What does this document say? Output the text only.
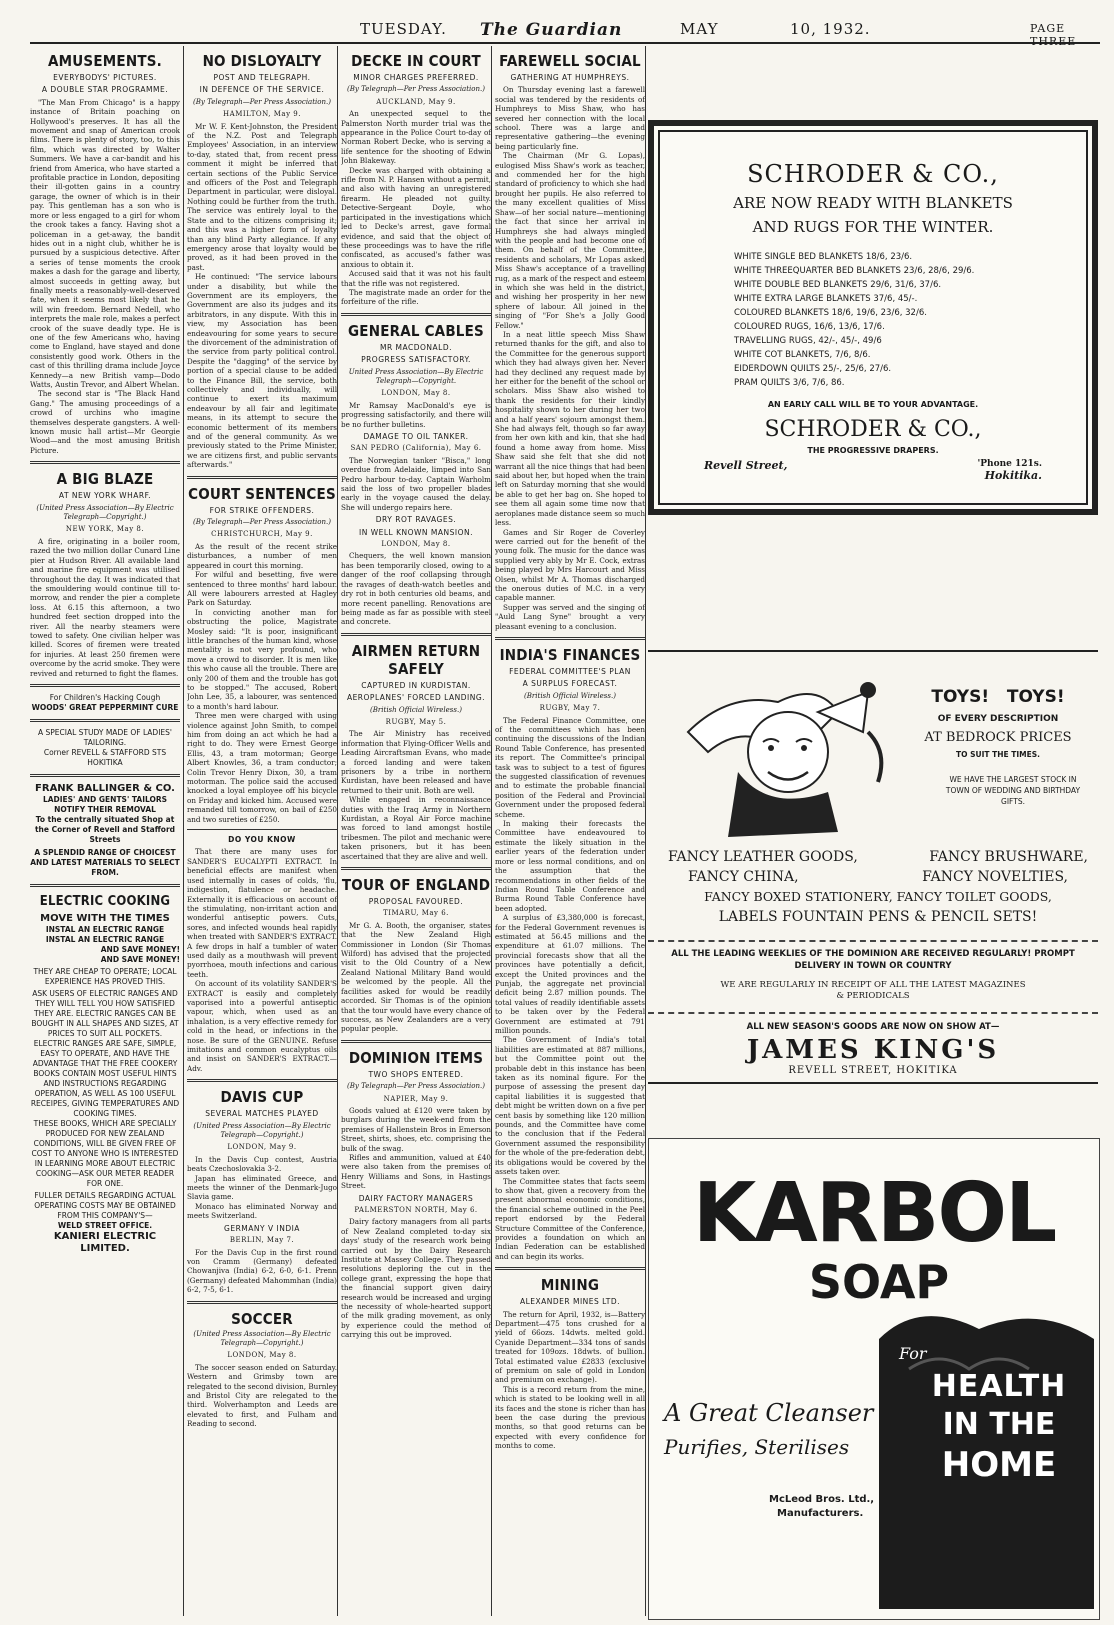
TUESDAY. The Guardian	MAY	10, 1932.	PAGE THREE
AMUSEMENTS.
EVERYBODYS' PICTURES.
A DOUBLE STAR PROGRAMME.

"The Man From Chicago" is a happy instance of Britain poaching on Hollywood's preserves. It has all the movement and snap of American crook films. There is plenty of story, too, to this film, which was directed by Walter Summers. We have a car-bandit and his friend from America, who have started a profitable practice in London, depositing their ill-gotten gains in a country garage, the owner of which is in their pay. This gentleman has a son who is more or less engaged to a girl for whom the crook takes a fancy. Having shot a policeman in a get-away, the bandit hides out in a night club, whither he is pursued by a suspicious detective. After a series of tense moments the crook makes a dash for the garage and liberty, almost succeeds in getting away, but finally meets a reasonably-well-deserved fate, when it seems most likely that he will win freedom. Bernard Nedell, who interprets the male role, makes a perfect crook of the suave deadly type. He is one of the few Americans who, having come to England, have stayed and done consistently good work. Others in the cast of this thrilling drama include Joyce Kennedy—a new British vamp—Dodo Watts, Austin Trevor, and Albert Whelan.

The second star is "The Black Hand Gang." The amusing proceedings of a crowd of urchins who imagine themselves desperate gangsters. A well-known music hall artist—Mr Georgie Wood—and the most amusing British Picture.

A BIG BLAZE
AT NEW YORK WHARF.
(United Press Association—By Electric Telegraph—Copyright.)
NEW YORK, May 8.

A fire, originating in a boiler room, razed the two million dollar Cunard Line pier at Hudson River. All available land and marine fire equipment was utilised throughout the day. It was indicated that the smouldering would continue till to-morrow, and render the pier a complete loss. At 6.15 this afternoon, a two hundred feet section dropped into the river. All the nearby steamers were towed to safety. One civilian helper was killed. Scores of firemen were treated for injuries. At least 250 firemen were overcome by the acrid smoke. They were revived and returned to fight the flames.

For Children's Hacking Cough
WOODS' GREAT PEPPERMINT CURE
A SPECIAL STUDY MADE OF LADIES' TAILORING.
Corner REVELL & STAFFORD STS HOKITIKA
FRANK BALLINGER & CO.
LADIES' AND GENTS' TAILORS
NOTIFY THEIR REMOVAL
To the centrally situated Shop at the Corner of Revell and Stafford Streets
A SPLENDID RANGE OF CHOICEST AND LATEST MATERIALS TO SELECT FROM.
ELECTRIC COOKING
MOVE WITH THE TIMES
INSTAL AN ELECTRIC RANGE
INSTAL AN ELECTRIC RANGE
AND SAVE MONEY!
AND SAVE MONEY!
THEY ARE CHEAP TO OPERATE; LOCAL EXPERIENCE HAS PROVED THIS.
ASK USERS OF ELECTRIC RANGES AND THEY WILL TELL YOU HOW SATISFIED THEY ARE. ELECTRIC RANGES CAN BE BOUGHT IN ALL SHAPES AND SIZES, AT PRICES TO SUIT ALL POCKETS.
ELECTRIC RANGES ARE SAFE, SIMPLE, EASY TO OPERATE, AND HAVE THE ADVANTAGE THAT THE FREE COOKERY BOOKS CONTAIN MOST USEFUL HINTS AND INSTRUCTIONS REGARDING OPERATION, AS WELL AS 100 USEFUL RECEIPES, GIVING TEMPERATURES AND COOKING TIMES.
THESE BOOKS, WHICH ARE SPECIALLY PRODUCED FOR NEW ZEALAND CONDITIONS, WILL BE GIVEN FREE OF COST TO ANYONE WHO IS INTERESTED IN LEARNING MORE ABOUT ELECTRIC COOKING—ASK OUR METER READER FOR ONE.
FULLER DETAILS REGARDING ACTUAL OPERATING COSTS MAY BE OBTAINED FROM THIS COMPANY'S—
WELD STREET OFFICE.
KANIERI ELECTRIC LIMITED.
NO DISLOYALTY
POST AND TELEGRAPH.
IN DEFENCE OF THE SERVICE.
(By Telegraph—Per Press Association.)
HAMILTON, May 9.

Mr W. F. Kent-Johnston, the President of the N.Z. Post and Telegraph Employees' Association, in an interview to-day, stated that, from recent press comment it might be inferred that certain sections of the Public Service and officers of the Post and Telegraph Department in particular, were disloyal. Nothing could be further from the truth. The service was entirely loyal to the State and to the citizens comprising it; and this was a higher form of loyalty than any blind Party allegiance. If any emergency arose that loyalty would be proved, as it had been proved in the past.

He continued: "The service labours under a disability, but while the Government are its employers, the Government are also its judges and its arbitrators, in any dispute. With this in view, my Association has been endeavouring for some years to secure the divorcement of the administration of the service from party political control. Despite the "dagging" of the service by portion of a special clause to be added to the Finance Bill, the service, both collectively and individually, will continue to exert its maximum endeavour by all fair and legitimate means, in its attempt to secure the economic betterment of its members and of the general community. As we previously stated to the Prime Minister, we are citizens first, and public servants afterwards."

COURT SENTENCES
FOR STRIKE OFFENDERS.
(By Telegraph—Per Press Association.)
CHRISTCHURCH, May 9.

As the result of the recent strike disturbances, a number of men appeared in court this morning.

For wilful and besetting, five were sentenced to three months' hard labour. All were labourers arrested at Hagley Park on Saturday.

In convicting another man for obstructing the police, Magistrate Mosley said: "It is poor, insignificant little branches of the human kind, whose mentality is not very profound, who move a crowd to disorder. It is men like this who cause all the trouble. There are only 200 of them and the trouble has got to be stopped." The accused, Robert John Lee, 35, a labourer, was sentenced to a month's hard labour.

Three men were charged with using violence against John Smith, to compel him from doing an act which he had a right to do. They were Ernest George Ellis, 43, a tram motorman; George Albert Knowles, 36, a tram conductor; Colin Trevor Henry Dixon, 30, a tram motorman. The police said the accused knocked a loyal employee off his bicycle on Friday and kicked him. Accused were remanded till tomorrow, on bail of £250 and two sureties of £250.

DO YOU KNOW

That there are many uses for SANDER'S EUCALYPTI EXTRACT. In beneficial effects are manifest when used internally in cases of colds, 'flu, indigestion, flatulence or headache. Externally it is efficacious on account of the stimulating, non-irritant action and wonderful antiseptic powers. Cuts, sores, and infected wounds heal rapidly when treated with SANDER'S EXTRACT. A few drops in half a tumbler of water used daily as a mouthwash will prevent pyorrhoea, mouth infections and carious teeth.

On account of its volatility SANDER'S EXTRACT is easily and completely vaporised into a powerful antiseptic vapour, which, when used as an inhalation, is a very effective remedy for cold in the head, or infections in the nose. Be sure of the GENUINE. Refuse imitations and common eucalyptus oils and insist on SANDER'S EXTRACT.—Adv.

DAVIS CUP
SEVERAL MATCHES PLAYED
(United Press Association—By Electric Telegraph—Copyright.)
LONDON, May 9.

In the Davis Cup contest, Austria beats Czechoslovakia 3-2.

Japan has eliminated Greece, and meets the winner of the Denmark-Jugo Slavia game.

Monaco has eliminated Norway and meets Switzerland.

GERMANY V INDIA
BERLIN, May 7.

For the Davis Cup in the first round von Cramm (Germany) defeated Chowanjiva (India) 6-2, 6-0, 6-1. Prenn (Germany) defeated Mahommhan (India) 6-2, 7-5, 6-1.

SOCCER
(United Press Association—By Electric Telegraph—Copyright.)
LONDON, May 8.

The soccer season ended on Saturday. Western and Grimsby town are relegated to the second division, Burnley and Bristol City are relegated to the third. Wolverhampton and Leeds are elevated to first, and Fulham and Reading to second.

DECKE IN COURT
MINOR CHARGES PREFERRED.
(By Telegraph—Per Press Association.)
AUCKLAND, May 9.

An unexpected sequel to the Palmerston North murder trial was the appearance in the Police Court to-day of Norman Robert Decke, who is serving a life sentence for the shooting of Edwin John Blakeway.

Decke was charged with obtaining a rifle from N. P. Hansen without a permit, and also with having an unregistered firearm. He pleaded not guilty. Detective-Sergeant Doyle, who participated in the investigations which led to Decke's arrest, gave formal evidence, and said that the object of these proceedings was to have the rifle confiscated, as accused's father was anxious to obtain it.

Accused said that it was not his fault that the rifle was not registered.

The magistrate made an order for the forfeiture of the rifle.

GENERAL CABLES
MR MACDONALD.
PROGRESS SATISFACTORY.
United Press Association—By Electric Telegraph—Copyright.
LONDON, May 8.

Mr Ramsay MacDonald's eye is progressing satisfactorily, and there will be no further bulletins.

DAMAGE TO OIL TANKER.
SAN PEDRO (California), May 6.

The Norwegian tanker "Bisca," long overdue from Adelaide, limped into San Pedro harbour to-day. Captain Warholm said the loss of two propeller blades early in the voyage caused the delay. She will undergo repairs here.

DRY ROT RAVAGES.
IN WELL KNOWN MANSION.
LONDON, May 8.

Chequers, the well known mansion has been temporarily closed, owing to a danger of the roof collapsing through the ravages of death-watch beetles and dry rot in both centuries old beams, and more recent panelling. Renovations are being made as far as possible with steel and concrete.

AIRMEN RETURN SAFELY
CAPTURED IN KURDISTAN.
AEROPLANES' FORCED LANDING.
(British Official Wireless.)
RUGBY, May 5.

The Air Ministry has received information that Flying-Officer Wells and Leading Aircraftsman Evans, who made a forced landing and were taken prisoners by a tribe in northern Kurdistan, have been released and have returned to their unit. Both are well.

While engaged in reconnaissance duties with the Iraq Army in Northern Kurdistan, a Royal Air Force machine was forced to land amongst hostile tribesmen. The pilot and mechanic were taken prisoners, but it has been ascertained that they are alive and well.

TOUR OF ENGLAND
PROPOSAL FAVOURED.
TIMARU, May 6.

Mr G. A. Booth, the organiser, states that the New Zealand High Commissioner in London (Sir Thomas Wilford) has advised that the projected visit to the Old Country of a New Zealand National Military Band would be welcomed by the people. All the facilities asked for would be readily accorded. Sir Thomas is of the opinion that the tour would have every chance of success, as New Zealanders are a very popular people.

DOMINION ITEMS
TWO SHOPS ENTERED.
(By Telegraph—Per Press Association.)
NAPIER, May 9.

Goods valued at £120 were taken by burglars during the week-end from the premises of Hallenstein Bros in Emerson Street, shirts, shoes, etc. comprising the bulk of the swag.

Rifles and ammunition, valued at £40 were also taken from the premises of Henry Williams and Sons, in Hastings Street.

DAIRY FACTORY MANAGERS
PALMERSTON NORTH, May 6.

Dairy factory managers from all parts of New Zealand completed to-day six days' study of the research work being carried out by the Dairy Research Institute at Massey College. They passed resolutions deploring the cut in the college grant, expressing the hope that the financial support given dairy research would be increased and urging the necessity of whole-hearted support of the milk grading movement, as only by experience could the method of carrying this out be improved.

FAREWELL SOCIAL
GATHERING AT HUMPHREYS.

On Thursday evening last a farewell social was tendered by the residents of Humphreys to Miss Shaw, who has severed her connection with the local school. There was a large and representative gathering—the evening being particularly fine.

The Chairman (Mr G. Lopas), eulogised Miss Shaw's work as teacher, and commended her for the high standard of proficiency to which she had brought her pupils. He also referred to the many excellent qualities of Miss Shaw—of her social nature—mentioning the fact that since her arrival in Humphreys she had always mingled with the people and had become one of them. On behalf of the Committee, residents and scholars, Mr Lopas asked Miss Shaw's acceptance of a travelling rug, as a mark of the respect and esteem in which she was held in the district, and wishing her prosperity in her new sphere of labour. All joined in the singing of "For She's a Jolly Good Fellow."

In a neat little speech Miss Shaw returned thanks for the gift, and also to the Committee for the generous support which they had always given her. Never had they declined any request made by her either for the benefit of the school or scholars. Miss Shaw also wished to thank the residents for their kindly hospitality shown to her during her two and a half years' sojourn amongst them. She had always felt, though so far away from her own kith and kin, that she had found a home away from home. Miss Shaw said she felt that she did not warrant all the nice things that had been said about her, but hoped when the train left on Saturday morning that she would be able to get her bag on. She hoped to see them all again some time now that aeroplanes made distance seem so much less.

Games and Sir Roger de Coverley were carried out for the benefit of the young folk. The music for the dance was supplied very ably by Mr E. Cock, extras being played by Mrs Harcourt and Miss Olsen, whilst Mr A. Thomas discharged the onerous duties of M.C. in a very capable manner.

Supper was served and the singing of "Auld Lang Syne" brought a very pleasant evening to a conclusion.

INDIA'S FINANCES
FEDERAL COMMITTEE'S PLAN
A SURPLUS FORECAST.
(British Official Wireless.)
RUGBY, May 7.

The Federal Finance Committee, one of the committees which has been continuing the discussions of the Indian Round Table Conference, has presented its report. The Committee's principal task was to subject to a test of figures the suggested classification of revenues and to estimate the probable financial position of the Federal and Provincial Government under the proposed federal scheme.

In making their forecasts the Committee have endeavoured to estimate the likely situation in the earlier years of the federation under more or less normal conditions, and on the assumption that the recommendations in other fields of the Indian Round Table Conference and Burma Round Table Conference have been adopted.

A surplus of £3,380,000 is forecast, for the Federal Government revenues is estimated at 56.45 millions and the expenditure at 61.07 millions. The provincial forecasts show that all the provinces have potentially a deficit, except the United provinces and the Punjab, the aggregate net provincial deficit being 2.87 million pounds. The total values of readily identifiable assets to be taken over by the Federal Government are estimated at 791 million pounds.

The Government of India's total liabilities are estimated at 887 millions, but the Committee point out the probable debt in this instance has been taken as its nominal figure. For the purpose of assessing the present day capital liabilities it is suggested that debt might be written down on a five per cent basis by something like 120 million pounds, and the Committee have come to the conclusion that if the Federal Government assumed the responsibility for the whole of the pre-federation debt, its obligations would be covered by the assets taken over.

The Committee states that facts seem to show that, given a recovery from the present abnormal economic conditions, the financial scheme outlined in the Peel report endorsed by the Federal Structure Committee of the Conference, provides a foundation on which an Indian Federation can be established and can begin its works.

MINING
ALEXANDER MINES LTD.

The return for April, 1932, is—Battery Department—475 tons crushed for a yield of 66ozs. 14dwts. melted gold. Cyanide Department—334 tons of sands treated for 109ozs. 18dwts. of bullion. Total estimated value £2833 (exclusive of premium on sale of gold in London and premium on exchange).

This is a record return from the mine, which is stated to be looking well in all its faces and the stone is richer than has been the case during the previous months, so that good returns can be expected with every confidence for months to come.

SCHRODER & CO.,
ARE NOW READY WITH BLANKETS
AND RUGS FOR THE WINTER.
WHITE SINGLE BED BLANKETS 18/6, 23/6.
WHITE THREEQUARTER BED BLANKETS 23/6, 28/6, 29/6.
WHITE DOUBLE BED BLANKETS 29/6, 31/6, 37/6.
WHITE EXTRA LARGE BLANKETS 37/6, 45/-.
COLOURED BLANKETS 18/6, 19/6, 23/6, 32/6.
COLOURED RUGS, 16/6, 13/6, 17/6.
TRAVELLING RUGS, 42/-, 45/-, 49/6
WHITE COT BLANKETS, 7/6, 8/6.
EIDERDOWN QUILTS 25/-, 25/6, 27/6.
PRAM QUILTS 3/6, 7/6, 86.
AN EARLY CALL WILL BE TO YOUR ADVANTAGE.
SCHRODER & CO.,
THE PROGRESSIVE DRAPERS.
Revell Street,	'Phone 121s.
Hokitika.
TOYS!   TOYS!
OF EVERY DESCRIPTION
AT BEDROCK PRICES
TO SUIT THE TIMES.
WE HAVE THE LARGEST STOCK IN TOWN OF WEDDING AND BIRTHDAY GIFTS.
FANCY LEATHER GOODS,	FANCY BRUSHWARE,
FANCY CHINA,	FANCY NOVELTIES,
FANCY BOXED STATIONERY, FANCY TOILET GOODS,
LABELS FOUNTAIN PENS & PENCIL SETS!
ALL THE LEADING WEEKLIES OF THE DOMINION ARE RECEIVED REGULARLY! PROMPT DELIVERY IN TOWN OR COUNTRY
WE ARE REGULARLY IN RECEIPT OF ALL THE LATEST MAGAZINES & PERIODICALS
ALL NEW SEASON'S GOODS ARE NOW ON SHOW AT—
JAMES KING'S
REVELL STREET, HOKITIKA
KARBOL
SOAP
For
HEALTH
IN THE
HOME
A Great Cleanser
Purifies, Sterilises
McLeod Bros. Ltd.,
Manufacturers.
